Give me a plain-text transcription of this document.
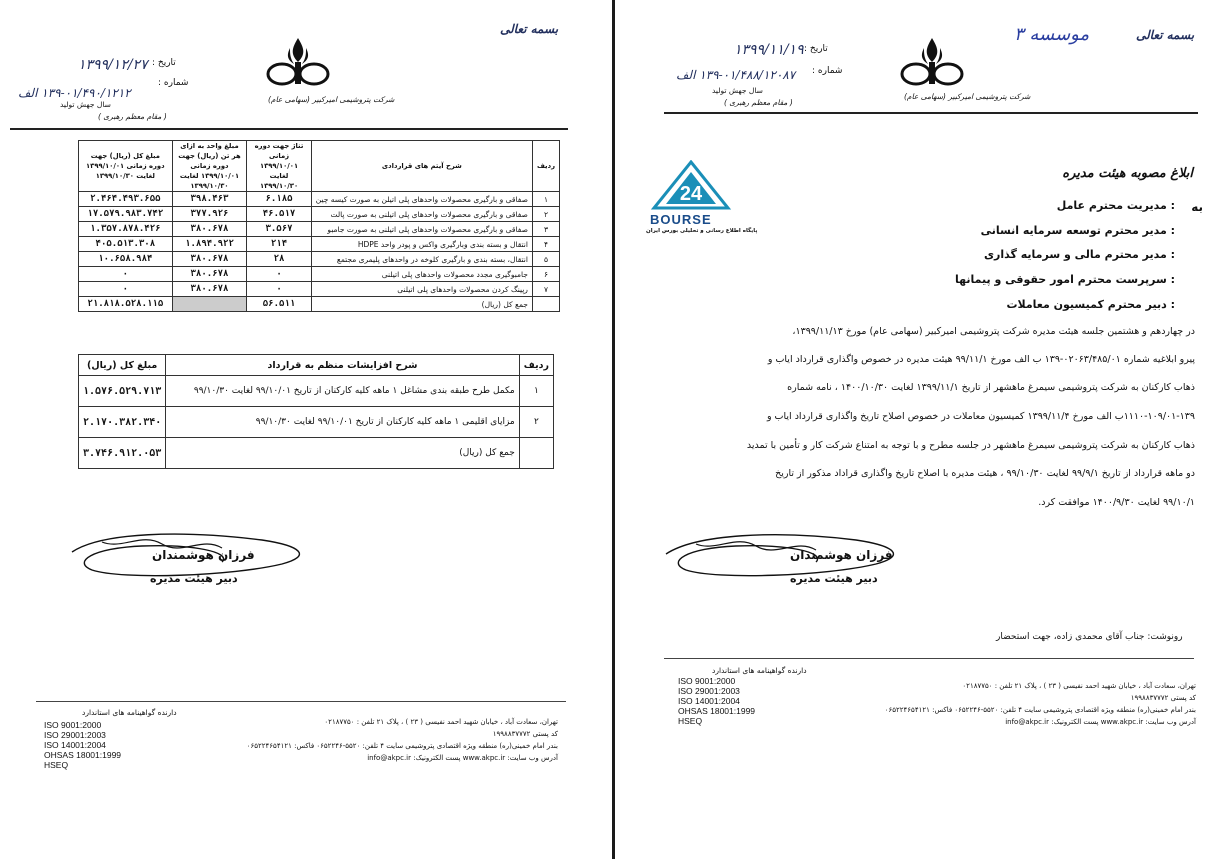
بسمه تعالی
شرکت پتروشیمی امیرکبیر (سهامی عام)
تاریخ :
۱۳۹۹/۱۲/۲۷
شماره :
۱۳۹-۰۱/۴۹۰/۱۲۱۲ الف
سال جهش تولید
( مقام معظم رهبری )
ردیف	شرح آیتم های قراردادی	تناژ جهت دوره زمانی ۱۳۹۹/۱۰/۰۱ لغایت ۱۳۹۹/۱۰/۳۰	مبلغ واحد به ازای هر تن (ریال) جهت دوره زمانی ۱۳۹۹/۱۰/۰۱ لغایت ۱۳۹۹/۱۰/۳۰	مبلغ کل (ریال) جهت دوره زمانی ۱۳۹۹/۱۰/۰۱ لغایت ۱۳۹۹/۱۰/۳۰
۱	صفاقی و بارگیری محصولات واحدهای پلی اتیلن به صورت کیسه چین	۶.۱۸۵	۳۹۸.۴۶۳	۲.۴۶۴.۴۹۳.۶۵۵
۲	صفاقی و بارگیری محصولات واحدهای پلی اتیلنی به صورت پالت	۴۶.۵۱۷	۳۷۷.۹۲۶	۱۷.۵۷۹.۹۸۳.۷۴۲
۳	صفاقی و بارگیری محصولات واحدهای پلی اتیلنی به صورت جامبو	۳.۵۶۷	۳۸۰.۶۷۸	۱.۳۵۷.۸۷۸.۴۲۶
۴	انتقال و بسته بندی وبارگیری واکس و پودر واحد HDPE	۲۱۴	۱.۸۹۴.۹۲۲	۴۰۵.۵۱۳.۳۰۸
۵	انتقال، بسته بندی و بارگیری کلوخه در واحدهای پلیمری مجتمع	۲۸	۳۸۰.۶۷۸	۱۰.۶۵۸.۹۸۴
۶	جامبوگیری مجدد محصولات واحدهای پلی اتیلنی	۰	۳۸۰.۶۷۸	۰
۷	رپینگ کردن محصولات واحدهای پلی اتیلنی	۰	۳۸۰.۶۷۸	۰
	جمع کل (ریال)	۵۶.۵۱۱		۲۱.۸۱۸.۵۲۸.۱۱۵
ردیف	شرح افزایشات منظم به قرارداد	مبلغ کل (ریال)
۱	مکمل طرح طبقه بندی مشاغل ۱ ماهه کلیه کارکنان از تاریخ ۹۹/۱۰/۰۱ لغایت ۹۹/۱۰/۳۰	۱.۵۷۶.۵۲۹.۷۱۳
۲	مزایای اقلیمی ۱ ماهه کلیه کارکنان از تاریخ ۹۹/۱۰/۰۱ لغایت ۹۹/۱۰/۳۰	۲.۱۷۰.۳۸۲.۳۴۰
	جمع کل (ریال)	۳.۷۴۶.۹۱۲.۰۵۳
فرزان هوشمندان
دبیر هیئت مدیره
دارنده گواهینامه های استاندارد
ISO 9001:2000
ISO 29001:2003
ISO 14001:2004
OHSAS 18001:1999
HSEQ
تهران، سعادت آباد ، خیابان شهید احمد نفیسی ( ۲۳ ) ، پلاک ۲۱ تلفن : ۰۲۱۸۷۷۵۰
کد پستی ۱۹۹۸۸۳۷۷۷۲
بندر امام خمینی(ره) منطقه ویژه اقتصادی پتروشیمی سایت ۴ تلفن: ۵۵۲۰-۰۶۵۲۲۴۶ فاکس: ۰۶۵۲۲۴۶۵۴۱۲۱
آدرس وب سایت: www.akpc.ir پست الکترونیک: info@akpc.ir
بسمه تعالی
موسسه ۳
شرکت پتروشیمی امیرکبیر (سهامی عام)
تاریخ :
۱۳۹۹/۱۱/۱۹
شماره :
۱۳۹-۰۱/۴۸۸/۱۲۰۸۷ الف
سال جهش تولید
( مقام معظم رهبری )
24
BOURSE
پایگاه اطلاع رسانی و تحلیلی بورس ایران
ابلاغ مصوبه هیئت مدیره
به
: مدیریت محترم عامل
: مدیر محترم توسعه سرمایه انسانی
: مدیر محترم مالی و سرمایه گذاری
: سرپرست محترم امور حقوقی و پیمانها
: دبیر محترم کمیسیون معاملات
در چهاردهم و هشتمین جلسه هیئت مدیره شرکت پتروشیمی امیرکبیر (سهامی عام) مورخ ۱۳۹۹/۱۱/۱۳،
پیرو ابلاغیه شماره ۰۲۰۶۳/۴۸۵/۰۱-۱۳۹ ب الف مورخ ۹۹/۱۱/۱ هیئت مدیره در خصوص واگذاری قرارداد ایاب و
ذهاب کارکنان به شرکت پتروشیمی سیمرغ ماهشهر از تاریخ ۱۳۹۹/۱۱/۱ لغایت ۱۴۰۰/۱۰/۳۰ ، نامه شماره
۱۱۱۰-۱۰۹/۰۱-۱۳۹ب الف مورخ ۱۳۹۹/۱۱/۴ کمیسیون معاملات در خصوص اصلاح تاریخ واگذاری قرارداد ایاب و
ذهاب کارکنان به شرکت پتروشیمی سیمرغ ماهشهر در جلسه مطرح و با توجه به امتناع شرکت کار و تأمین با تمدید
دو ماهه قرارداد از تاریخ ۹۹/۹/۱ لغایت ۹۹/۱۰/۳۰ ، هیئت مدیره با اصلاح تاریخ واگذاری قراداد مذکور از تاریخ
۹۹/۱۰/۱ لغایت ۱۴۰۰/۹/۳۰ موافقت کرد.
فرزان هوشمندان
دبیر هیئت مدیره
رونوشت: جناب آقای محمدی زاده، جهت استحضار
دارنده گواهینامه های استاندارد
ISO 9001:2000
ISO 29001:2003
ISO 14001:2004
OHSAS 18001:1999
HSEQ
تهران، سعادت آباد ، خیابان شهید احمد نفیسی ( ۲۳ ) ، پلاک ۲۱ تلفن : ۰۲۱۸۷۷۵۰
کد پستی ۱۹۹۸۸۳۷۷۷۲
بندر امام خمینی(ره) منطقه ویژه اقتصادی پتروشیمی سایت ۴ تلفن: ۵۵۲۰-۰۶۵۲۲۴۶ فاکس: ۰۶۵۲۲۴۶۵۴۱۲۱
آدرس وب سایت: www.akpc.ir پست الکترونیک: info@akpc.ir
